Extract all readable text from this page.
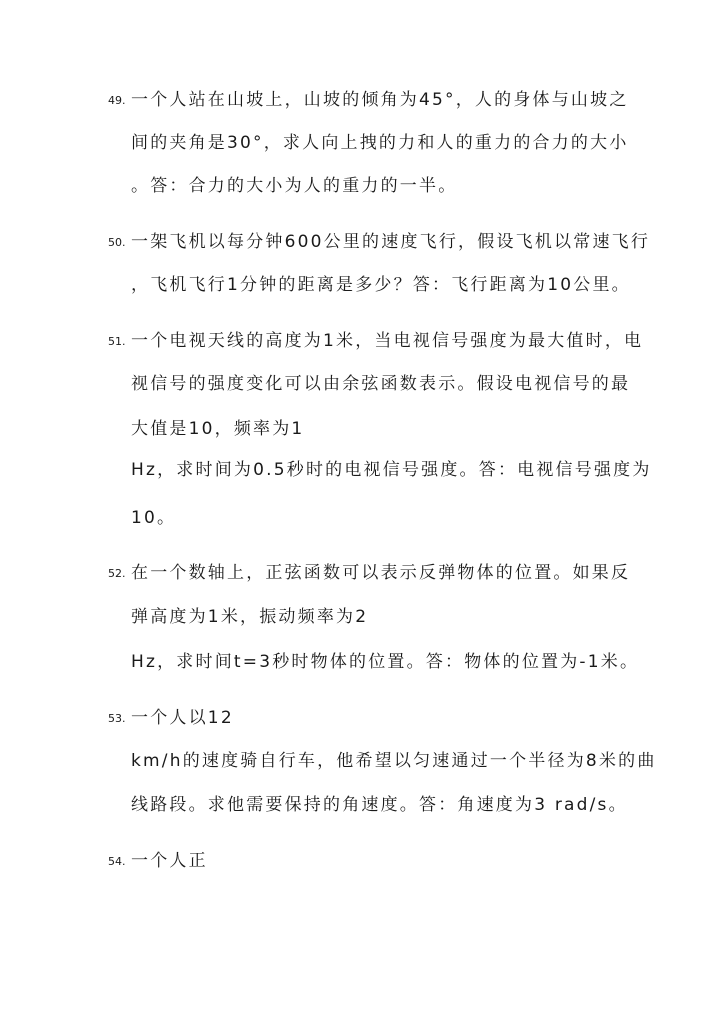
49. 一个人站在山坡上，山坡的倾角为45°，人的身体与山坡之
间的夹角是30°，求人向上拽的力和人的重力的合力的大小
。答：合力的大小为人的重力的一半。
50. 一架飞机以每分钟600公里的速度飞行，假设飞机以常速飞行
，飞机飞行1分钟的距离是多少？答：飞行距离为10公里。
51. 一个电视天线的高度为1米，当电视信号强度为最大值时，电
视信号的强度变化可以由余弦函数表示。假设电视信号的最
大值是10，频率为1
Hz，求时间为0.5秒时的电视信号强度。答：电视信号强度为
10。
52. 在一个数轴上，正弦函数可以表示反弹物体的位置。如果反
弹高度为1米，振动频率为2
Hz，求时间t=3秒时物体的位置。答：物体的位置为-1米。
53. 一个人以12
km/h的速度骑自行车，他希望以匀速通过一个半径为8米的曲
线路段。求他需要保持的角速度。答：角速度为3 rad/s。
54. 一个人正
